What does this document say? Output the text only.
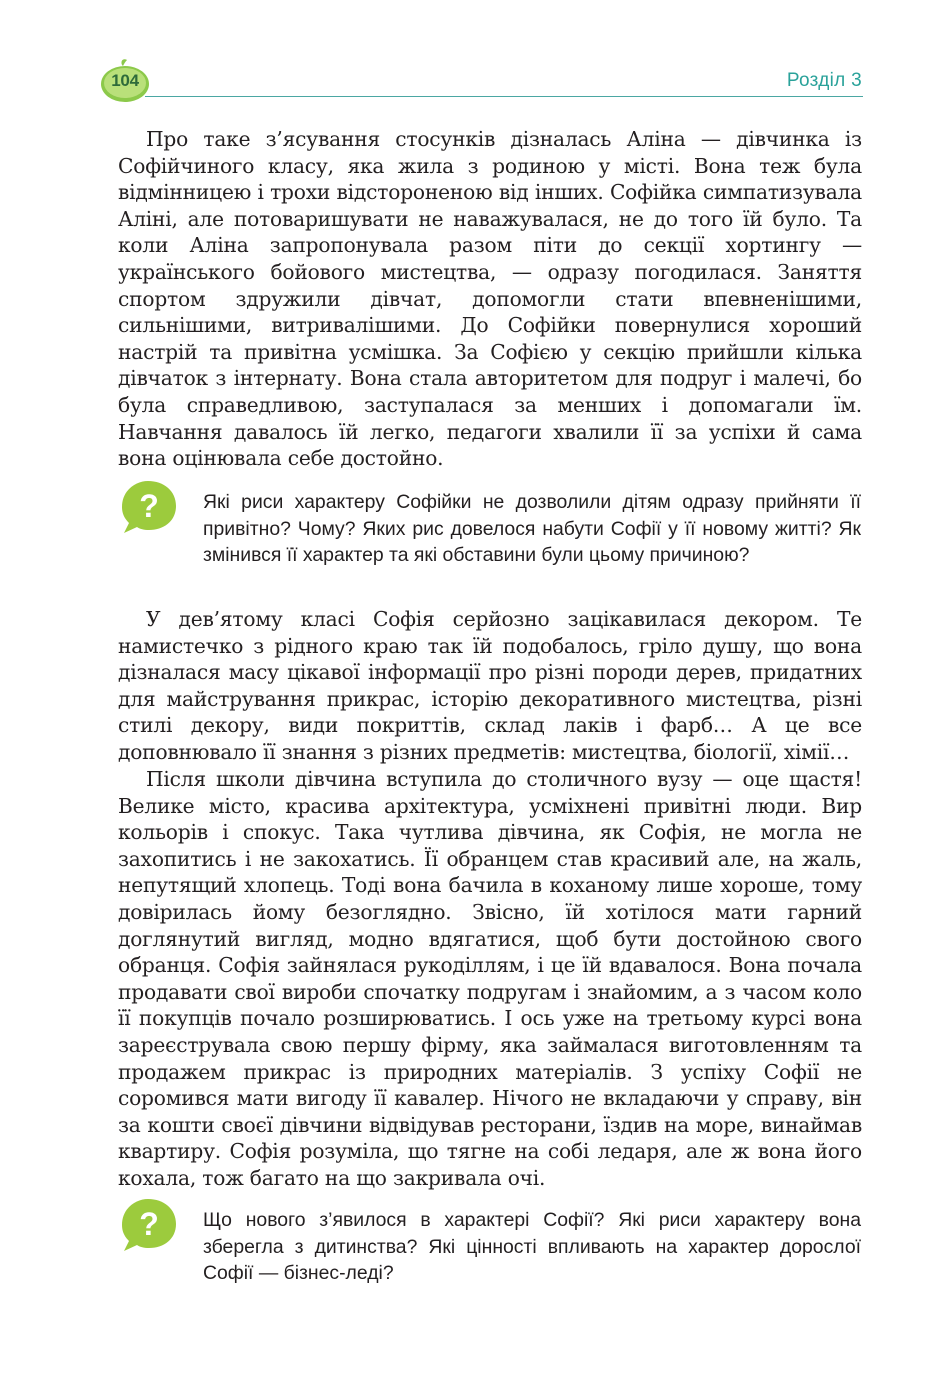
104	Розділ 3

Про таке з’ясування стосунків дізналась Аліна — дівчинка із Софійчиного класу, яка жила з родиною у місті. Вона теж була відмінницею і трохи відстороненою від інших. Софійка симпатизувала Аліні, але потоваришувати не наважувалася, не до того їй було. Та коли Аліна запропонувала разом піти до секції хортингу — українського бойового мистецтва, — одразу погодилася. Заняття спортом здружили дівчат, допомогли стати впевненішими, сильнішими, витривалішими. До Софійки повернулися хороший настрій та привітна усмішка. За Софією у секцію прийшли кілька дівчаток з інтернату. Вона стала авторитетом для подруг і малечі, бо була справедливою, заступалася за менших і допомагали їм. Навчання давалось їй легко, педагоги хвалили її за успіхи й сама вона оцінювала себе достойно.

? Які риси характеру Софійки не дозволили дітям одразу прийняти її привітно? Чому? Яких рис довелося набути Софії у її новому житті? Як змінився її характер та які обставини були цьому причиною?

У дев’ятому класі Софія серйозно зацікавилася декором. Те намистечко з рідного краю так їй подобалось, гріло душу, що вона дізналася масу цікавої інформації про різні породи дерев, придатних для майстрування прикрас, історію декоративного мистецтва, різні стилі декору, види покриттів, склад лаків і фарб… А це все доповнювало її знання з різних предметів: мистецтва, біології, хімії…

Після школи дівчина вступила до столичного вузу — оце щастя! Велике місто, красива архітектура, усміхнені привітні люди. Вир кольорів і спокус. Така чутлива дівчина, як Софія, не могла не захопитись і не закохатись. Її обранцем став красивий але, на жаль, непутящий хлопець. Тоді вона бачила в коханому лише хороше, тому довірилась йому безоглядно. Звісно, їй хотілося мати гарний доглянутий вигляд, модно вдягатися, щоб бути достойною свого обранця. Софія зайнялася рукоділлям, і це їй вдавалося. Вона почала продавати свої вироби спочатку подругам і знайомим, а з часом коло її покупців почало розширюватись. І ось уже на третьому курсі вона зареєструвала свою першу фірму, яка займалася виготовленням та продажем прикрас із природних матеріалів. З успіху Софії не соромився мати вигоду її кавалер. Нічого не вкладаючи у справу, він за кошти своєї дівчини відвідував ресторани, їздив на море, винаймав квартиру. Софія розуміла, що тягне на собі ледаря, але ж вона його кохала, тож багато на що закривала очі.

? Що нового з’явилося в характері Софії? Які риси характеру вона зберегла з дитинства? Які цінності впливають на характер дорослої Софії — бізнес-леді?
